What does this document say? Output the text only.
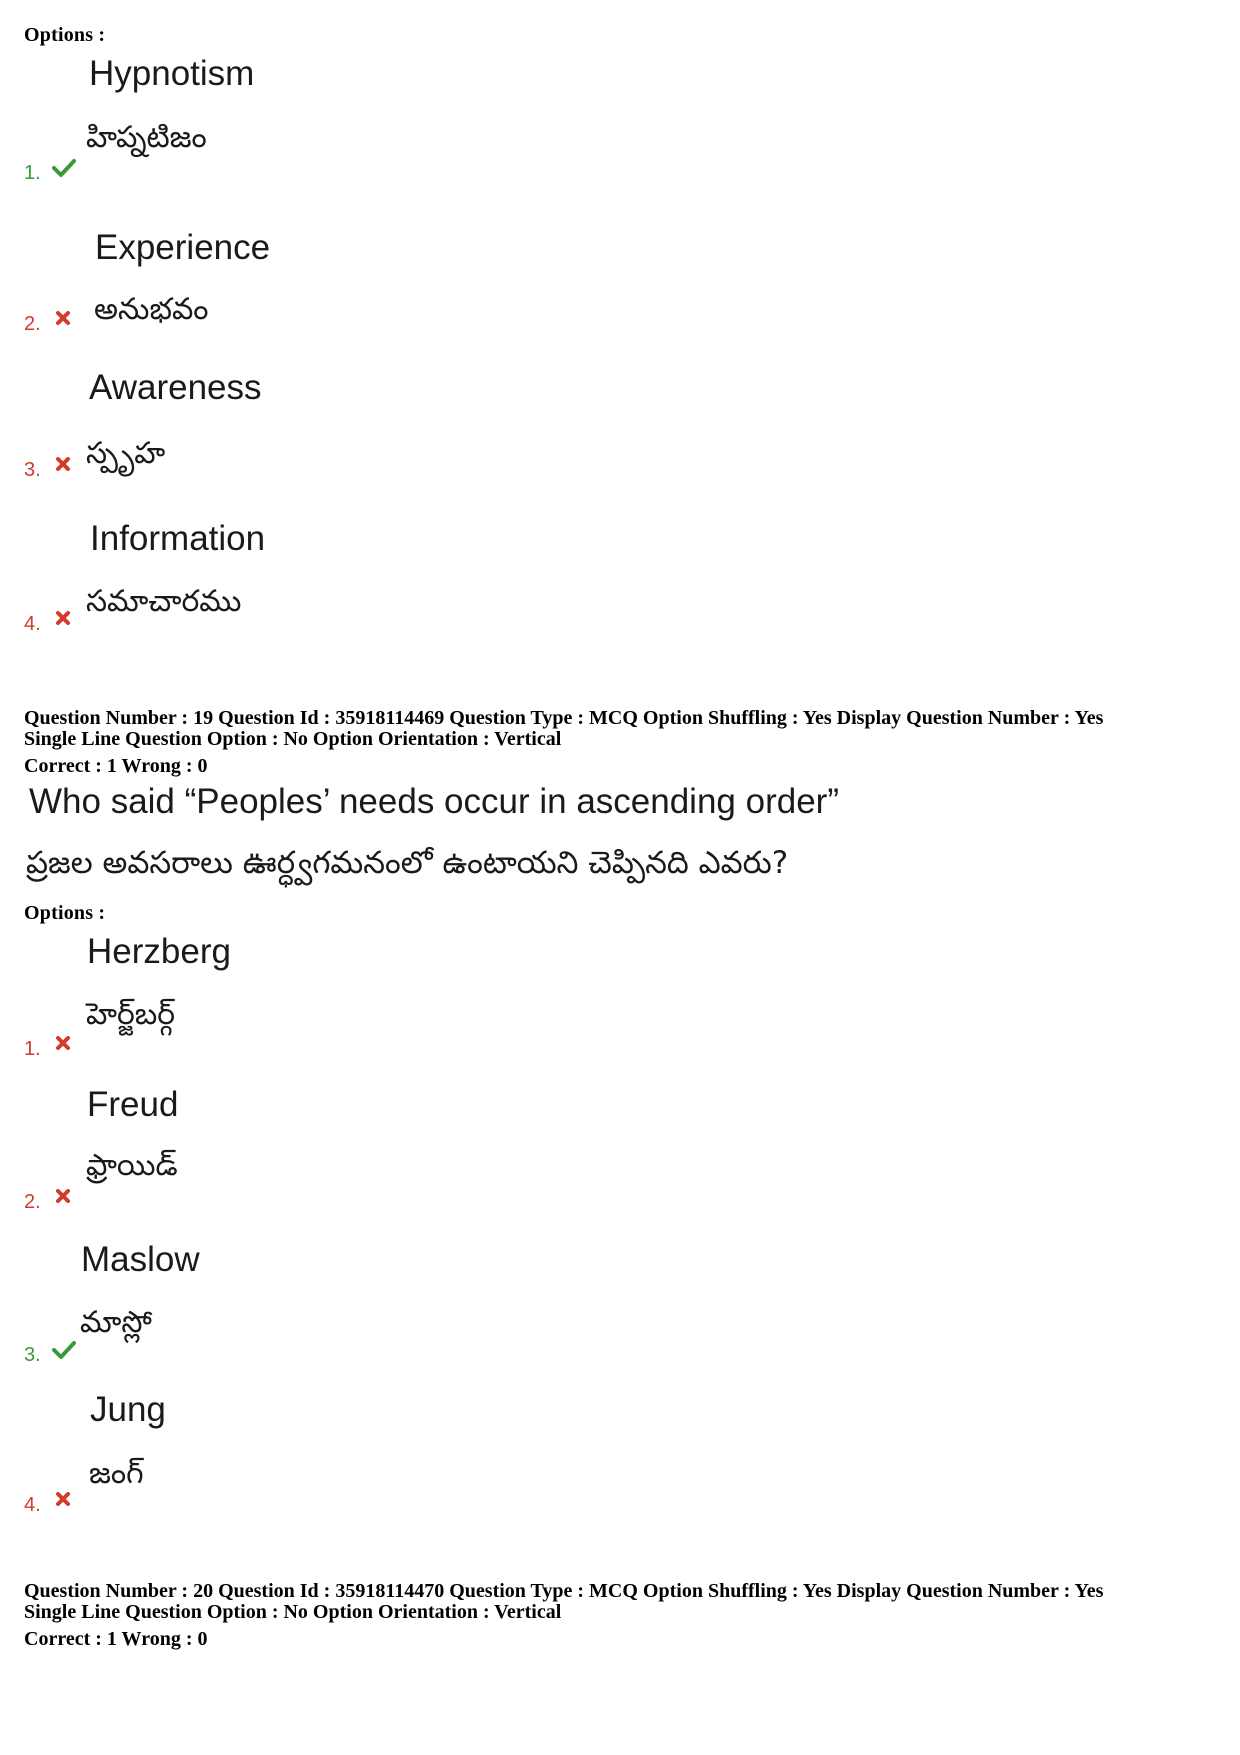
Options :
Hypnotism
హిప్నటిజం
1.
Experience
అనుభవం
2.
Awareness
స్పృహ
3.
Information
సమాచారము
4.
Question Number : 19 Question Id : 35918114469 Question Type : MCQ Option Shuffling : Yes Display Question Number : Yes
Single Line Question Option : No Option Orientation : Vertical
Correct : 1 Wrong : 0
Who said “Peoples’ needs occur in ascending order”
ప్రజల అవసరాలు ఊర్ధ్వగమనంలో ఉంటాయని చెప్పినది ఎవరు?
Options :
Herzberg
హెర్జ్‌బర్గ్
1.
Freud
ఫ్రాయిడ్
2.
Maslow
మాస్లో
3.
Jung
జంగ్
4.
Question Number : 20 Question Id : 35918114470 Question Type : MCQ Option Shuffling : Yes Display Question Number : Yes
Single Line Question Option : No Option Orientation : Vertical
Correct : 1 Wrong : 0
